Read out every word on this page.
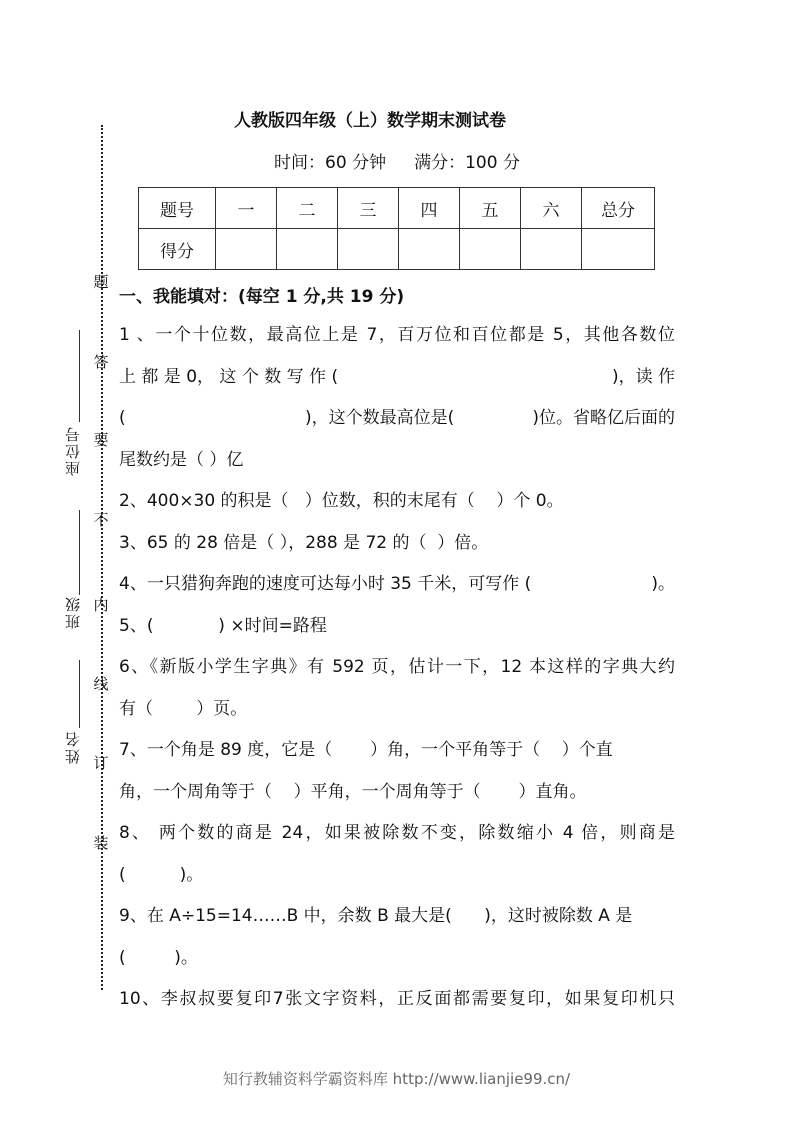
题
答
要
不
内
线
订
装
座位号
班级
姓名
人教版四年级（上）数学期末测试卷
时间：60 分钟 满分：100 分
题号	一	二	三	四	五	六	总分
得分							
一、我能填对：(每空 1 分,共 19 分)
1 、一个十位数，最高位上是 7，百万位和百位都是 5，其他各数位
上 都 是 0， 这 个 数 写 作 (	)，读 作
(	)，这个数最高位是(	)位。省略亿后面的
尾数约是（ ）亿
2、400×30 的积是（   ）位数，积的末尾有（    ）个 0。
3、65 的 28 倍是（ ），288 是 72 的（  ）倍。
4、一只猎狗奔跑的速度可达每小时 35 千米，可写作 (	)。
5、(            ) ×时间=路程
6、《新版小学生字典》有 592 页，估计一下，12 本这样的字典大约
有（        ）页。
7、一个角是 89 度，它是（       ）角，一个平角等于（    ）个直
角，一个周角等于（    ）平角，一个周角等于（       ）直角。
8、 两个数的商是 24，如果被除数不变，除数缩小 4 倍，则商是
(          )。
9、在 A÷15=14……B 中，余数 B 最大是(      )，这时被除数 A 是
(         )。
10、李叔叔要复印7张文字资料，正反面都需要复印，如果复印机只
知行教辅资料学霸资料库 http://www.lianjie99.cn/
